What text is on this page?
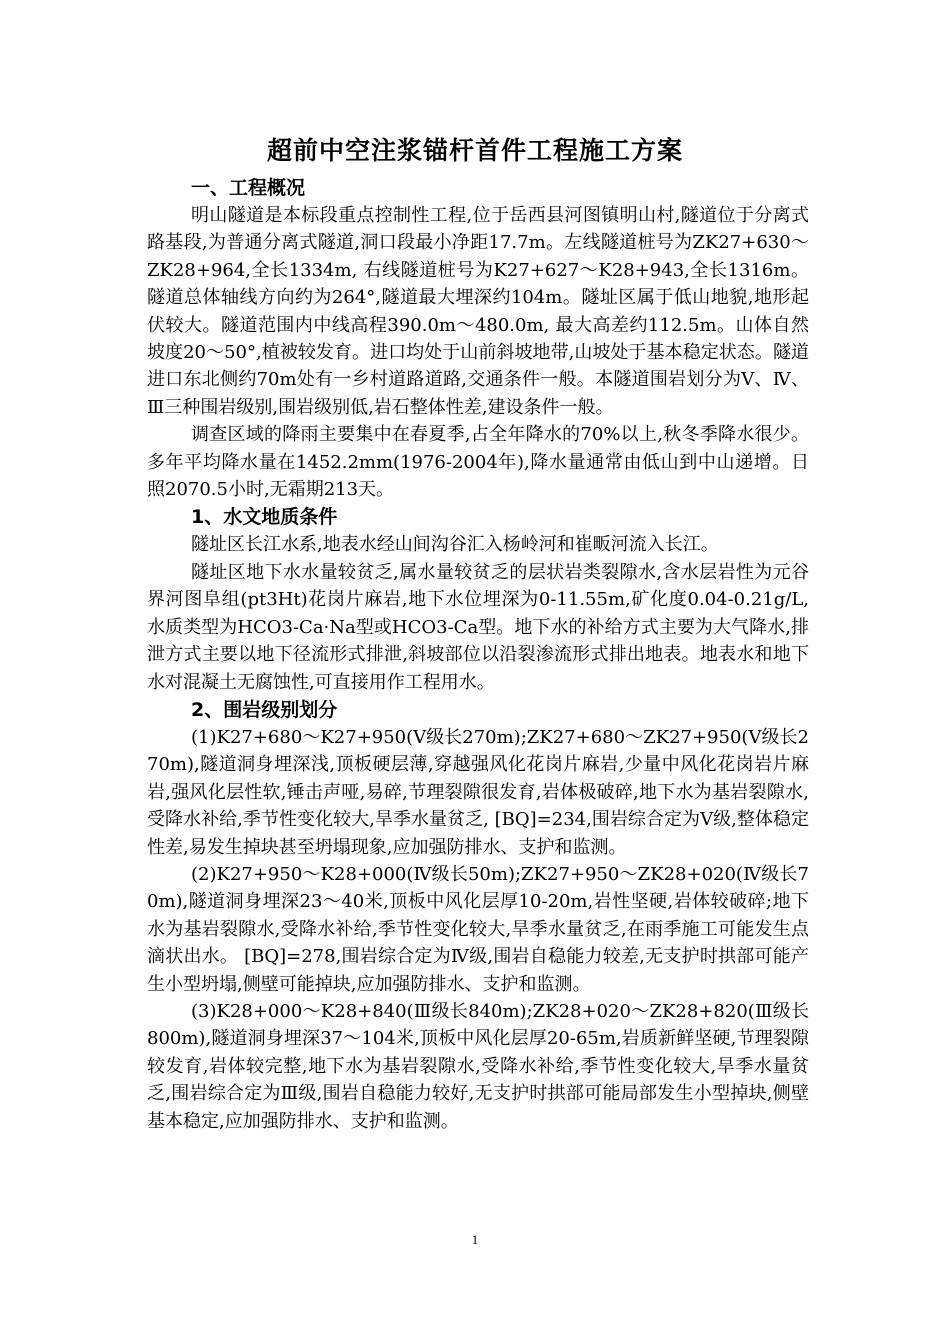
超前中空注浆锚杆首件工程施工方案
一、工程概况

明山隧道是本标段重点控制性工程,位于岳西县河图镇明山村,隧道位于分离式路基段,为普通分离式隧道,洞口段最小净距17.7m。左线隧道桩号为ZK27+630～ZK28+964,全长1334m, 右线隧道桩号为K27+627～K28+943,全长1316m。隧道总体轴线方向约为264°,隧道最大埋深约104m。隧址区属于低山地貌,地形起伏较大。隧道范围内中线高程390.0m～480.0m, 最大高差约112.5m。山体自然坡度20～50°,植被较发育。进口均处于山前斜坡地带,山坡处于基本稳定状态。隧道进口东北侧约70m处有一乡村道路道路,交通条件一般。本隧道围岩划分为Ⅴ、Ⅳ、Ⅲ三种围岩级别,围岩级别低,岩石整体性差,建设条件一般。

调查区域的降雨主要集中在春夏季,占全年降水的70%以上,秋冬季降水很少。多年平均降水量在1452.2mm(1976-2004年),降水量通常由低山到中山递增。日照2070.5小时,无霜期213天。

1、水文地质条件

隧址区长江水系,地表水经山间沟谷汇入杨岭河和崔畈河流入长江。

隧址区地下水水量较贫乏,属水量较贫乏的层状岩类裂隙水,含水层岩性为元谷界河图阜组(pt3Ht)花岗片麻岩,地下水位埋深为0-11.55m,矿化度0.04-0.21g/L,水质类型为HCO3-Ca·Na型或HCO3-Ca型。地下水的补给方式主要为大气降水,排泄方式主要以地下径流形式排泄,斜坡部位以沿裂渗流形式排出地表。地表水和地下水对混凝土无腐蚀性,可直接用作工程用水。

2、围岩级别划分

(1)K27+680～K27+950(Ⅴ级长270m);ZK27+680～ZK27+950(Ⅴ级长270m),隧道洞身埋深浅,顶板硬层薄,穿越强风化花岗片麻岩,少量中风化花岗岩片麻岩,强风化层性软,锤击声哑,易碎,节理裂隙很发育,岩体极破碎,地下水为基岩裂隙水,受降水补给,季节性变化较大,旱季水量贫乏, [BQ]=234,围岩综合定为Ⅴ级,整体稳定性差,易发生掉块甚至坍塌现象,应加强防排水、支护和监测。

(2)K27+950～K28+000(Ⅳ级长50m);ZK27+950～ZK28+020(Ⅳ级长70m),隧道洞身埋深23～40米,顶板中风化层厚10-20m,岩性坚硬,岩体较破碎;地下水为基岩裂隙水,受降水补给,季节性变化较大,旱季水量贫乏,在雨季施工可能发生点滴状出水。 [BQ]=278,围岩综合定为Ⅳ级,围岩自稳能力较差,无支护时拱部可能产生小型坍塌,侧壁可能掉块,应加强防排水、支护和监测。

(3)K28+000～K28+840(Ⅲ级长840m);ZK28+020～ZK28+820(Ⅲ级长800m),隧道洞身埋深37～104米,顶板中风化层厚20-65m,岩质新鲜坚硬,节理裂隙较发育,岩体较完整,地下水为基岩裂隙水,受降水补给,季节性变化较大,旱季水量贫乏,围岩综合定为Ⅲ级,围岩自稳能力较好,无支护时拱部可能局部发生小型掉块,侧壁基本稳定,应加强防排水、支护和监测。

1
